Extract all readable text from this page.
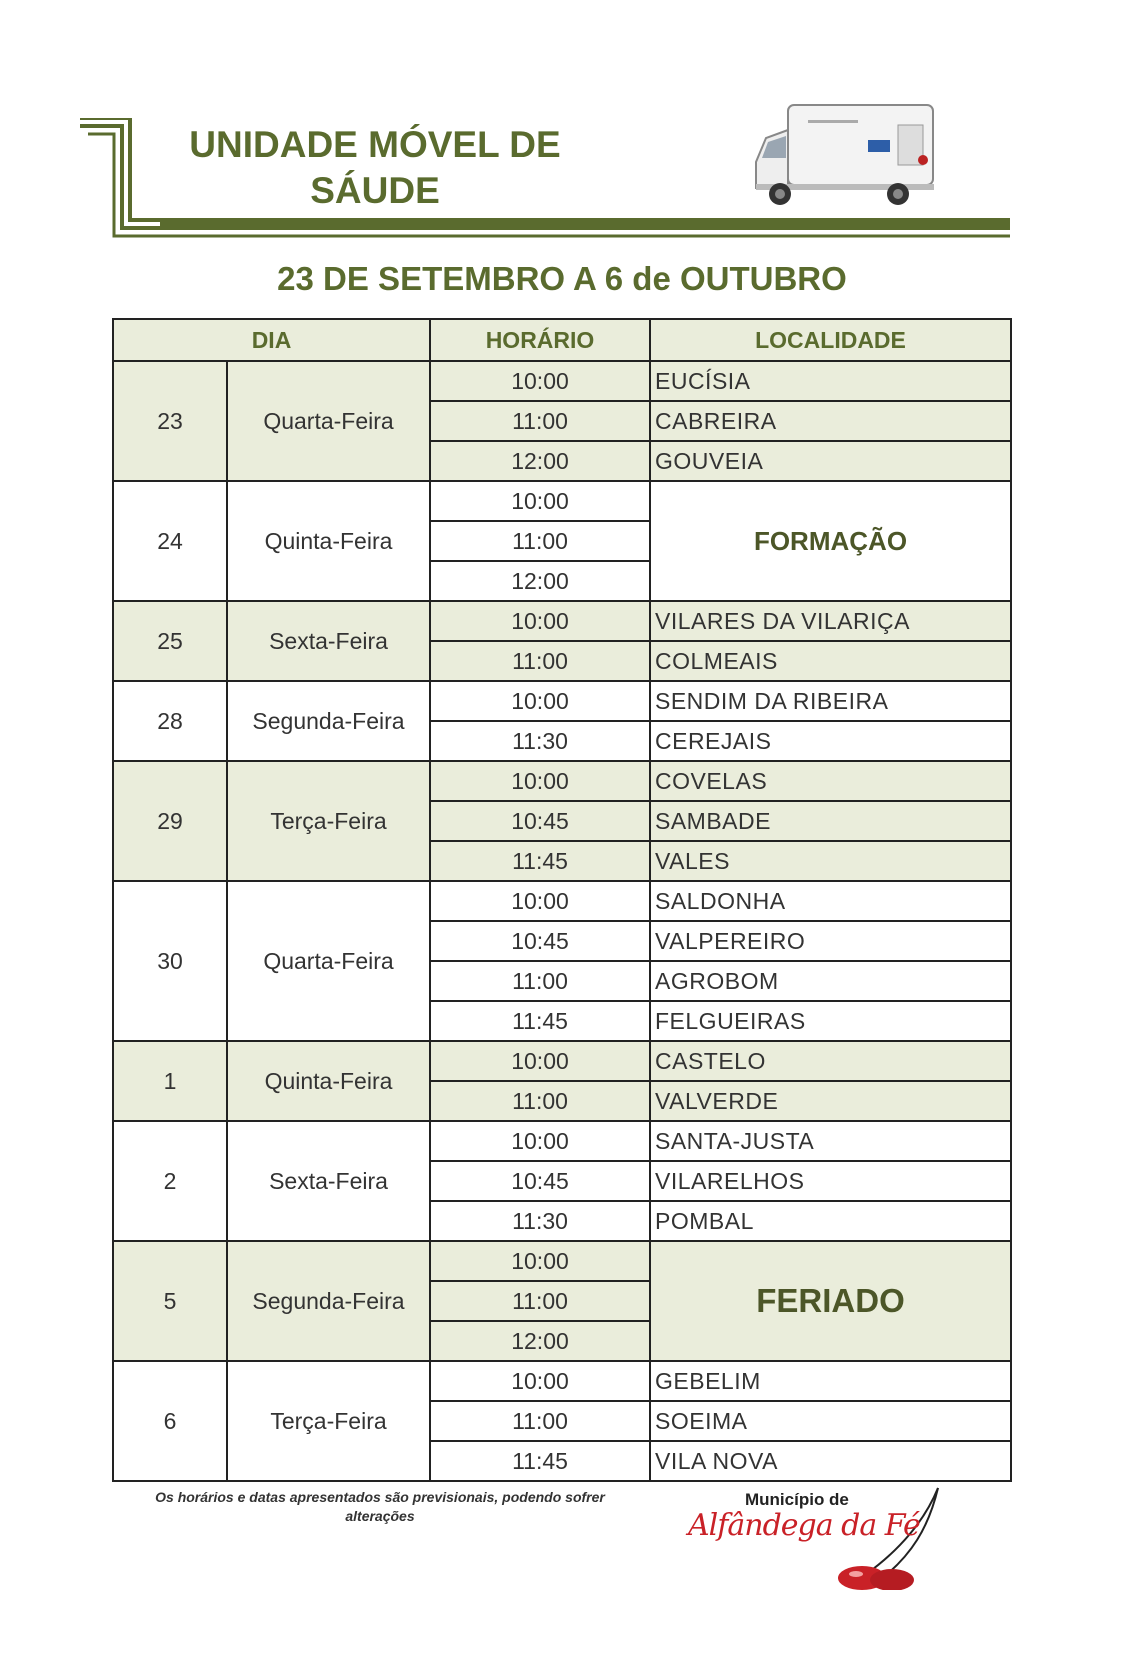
UNIDADE MÓVEL DE
SÁUDE
23 DE SETEMBRO A 6 de OUTUBRO
DIA		HORÁRIO	LOCALIDADE
23	Quarta-Feira	10:00	EUCÍSIA
		11:00	CABREIRA
		12:00	GOUVEIA
24	Quinta-Feira	10:00	FORMAÇÃO
		11:00	
		12:00	
25	Sexta-Feira	10:00	VILARES DA VILARIÇA
		11:00	COLMEAIS
28	Segunda-Feira	10:00	SENDIM DA RIBEIRA
		11:30	CEREJAIS
29	Terça-Feira	10:00	COVELAS
		10:45	SAMBADE
		11:45	VALES
30	Quarta-Feira	10:00	SALDONHA
		10:45	VALPEREIRO
		11:00	AGROBOM
		11:45	FELGUEIRAS
1	Quinta-Feira	10:00	CASTELO
		11:00	VALVERDE
2	Sexta-Feira	10:00	SANTA-JUSTA
		10:45	VILARELHOS
		11:30	POMBAL
5	Segunda-Feira	10:00	FERIADO
		11:00	
		12:00	
6	Terça-Feira	10:00	GEBELIM
		11:00	SOEIMA
		11:45	VILA NOVA
Os horários e datas apresentados são previsionais, podendo sofrer
alterações
Município de
Alfândega da Fé
